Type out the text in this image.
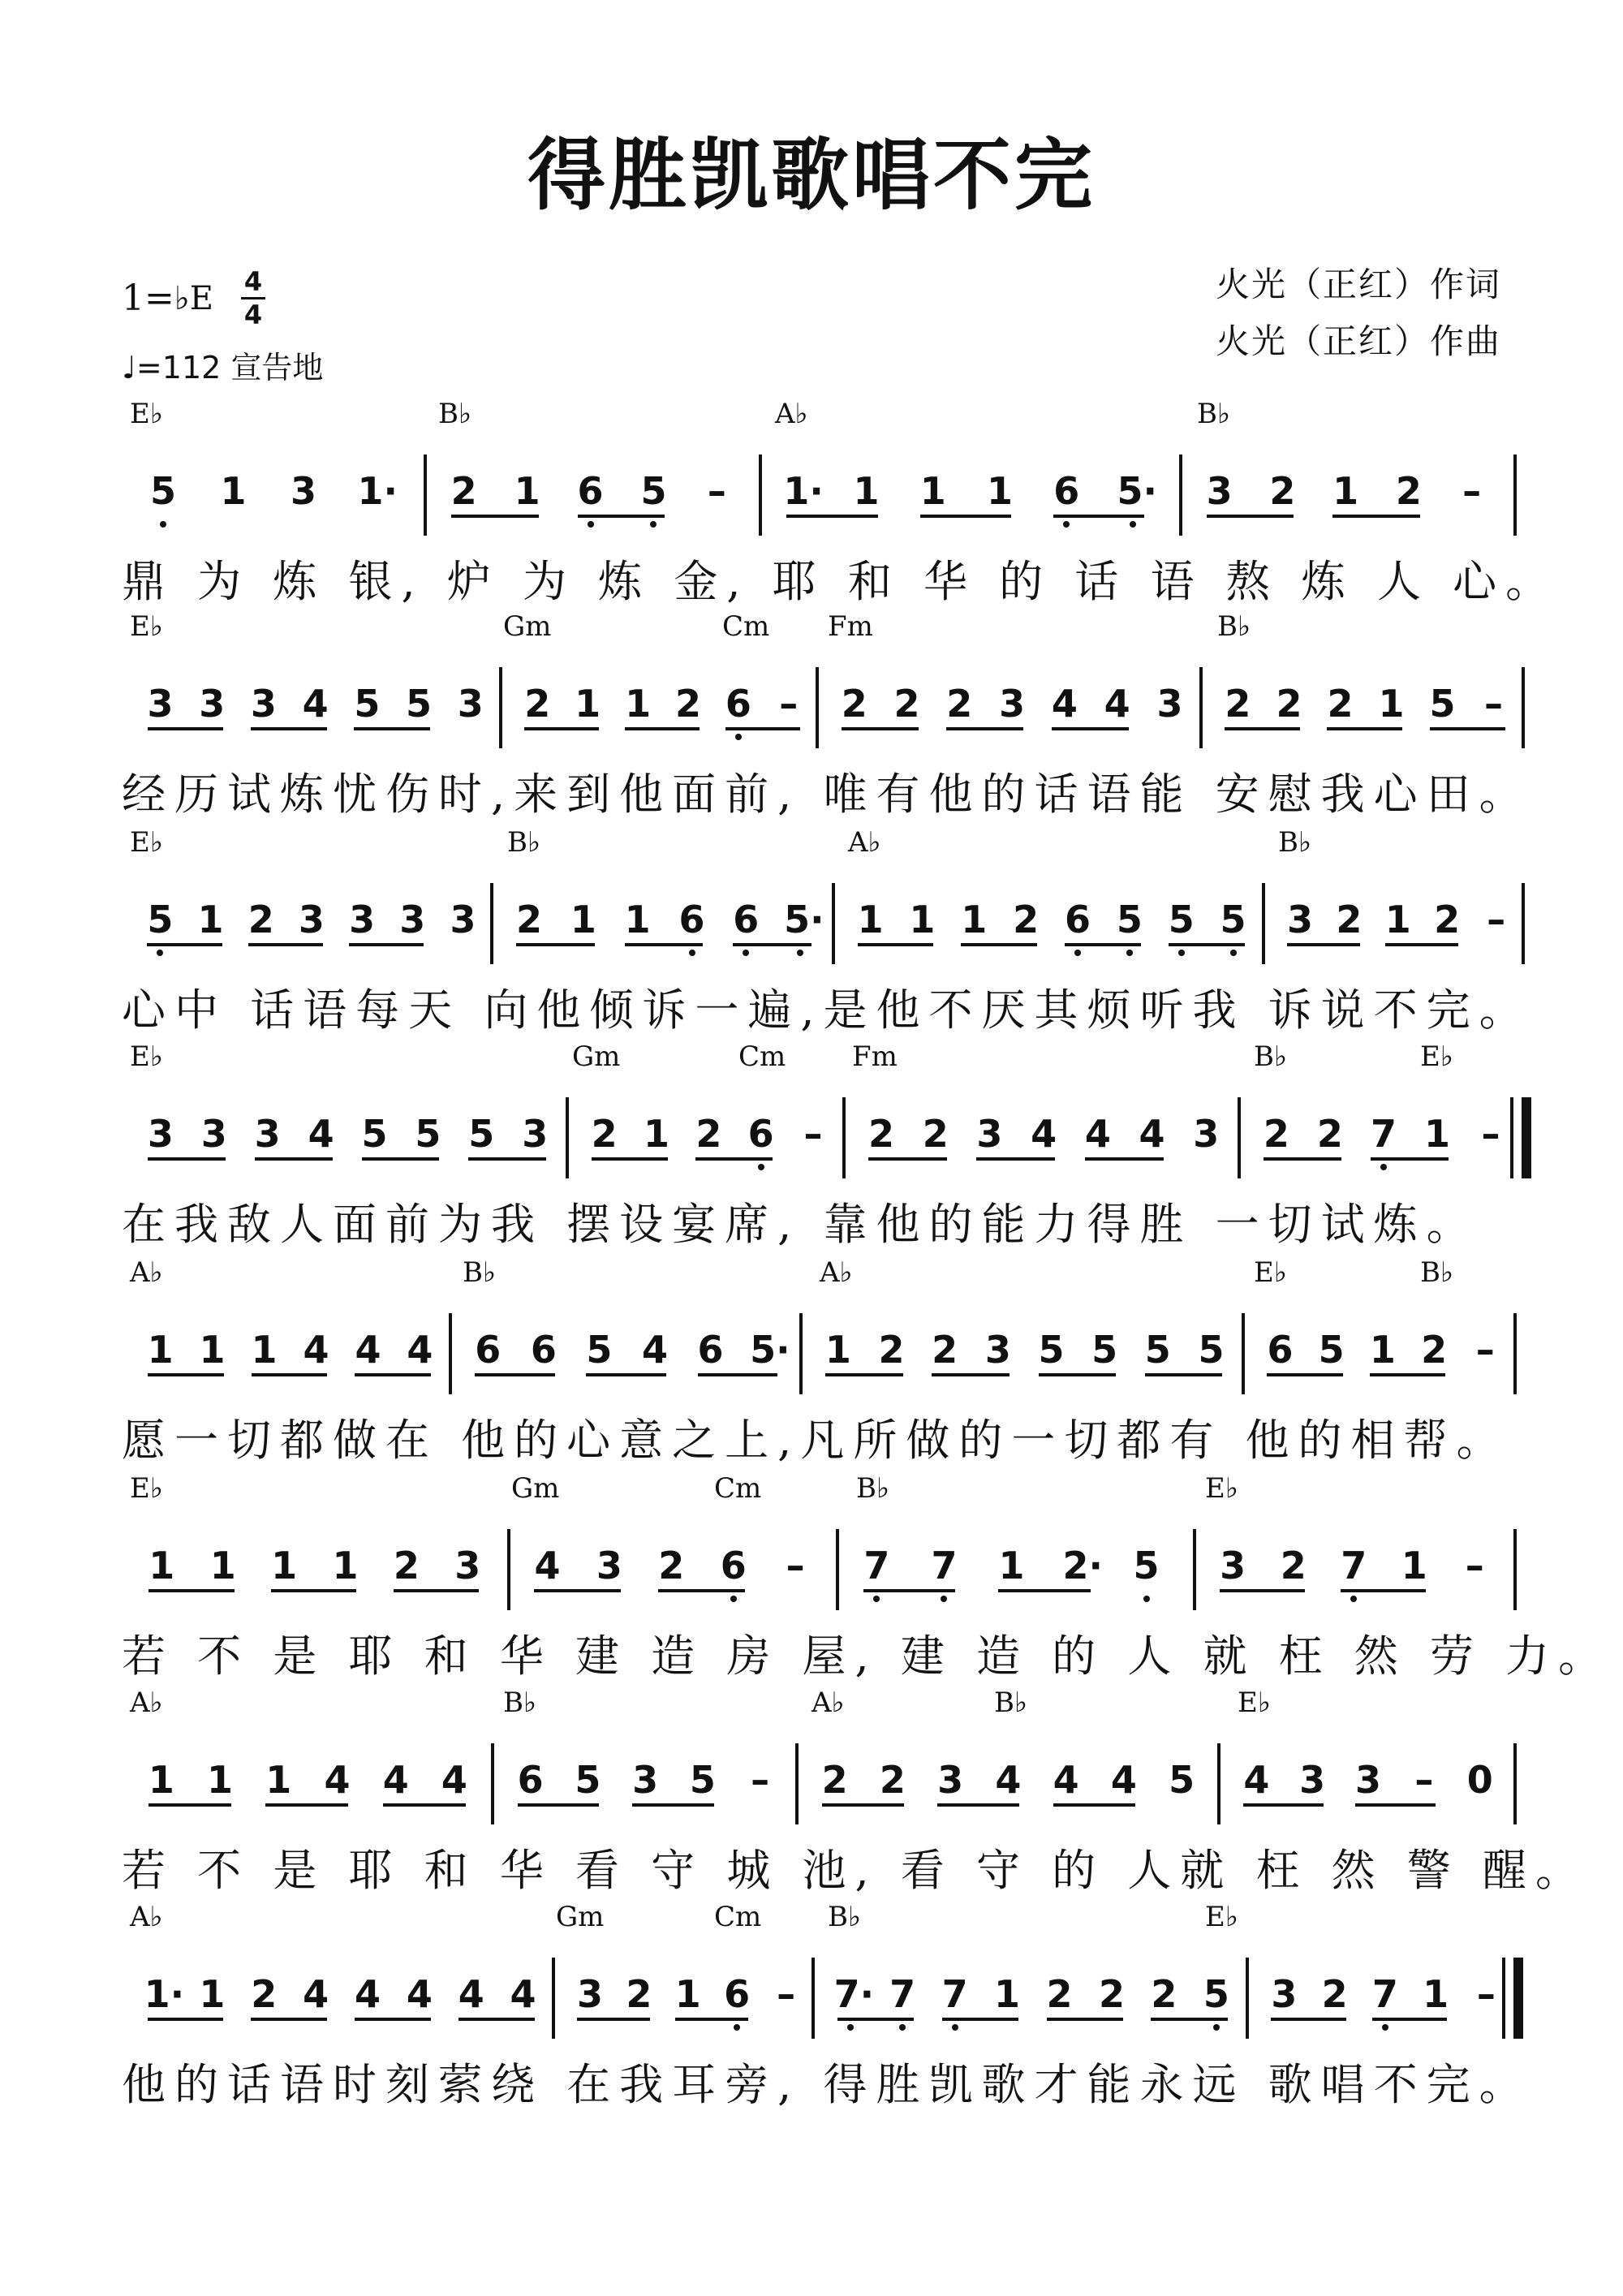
得胜凯歌唱不完
1= ♭E $\frac{4}{4}$
♩=112 宣告地
火光（正红）作词
火光（正红）作曲
E♭	B♭	A♭	B♭
5 1 3 1· 2 1 6 5 – 1· 1 1 1 6 5· 3 2 1 2 –
鼎 为 炼 银, 炉 为 炼 金, 耶 和 华 的 话 语 熬 炼 人 心。
E♭	Gm	Cm Fm	B♭
3 3 3 4 5 5 3 2 1 1 2 6 – 2 2 2 3 4 4 3 2 2 2 1 5 –
经历试炼忧伤时,来到他面前, 唯有他的话语能 安慰我心田。
E♭	B♭	A♭	B♭
5 1 2 3 3 3 3 2 1 1 6 6 5· 1 1 1 2 6 5 5 5 3 2 1 2 –
心中 话语每天 向他倾诉一遍,是他不厌其烦听我 诉说不完。
E♭	Gm	Cm Fm	B♭	E♭
3 3 3 4 5 5 5 3 2 1 2 6 – 2 2 3 4 4 4 3 2 2 7 1 –
在我敌人面前为我 摆设宴席, 靠他的能力得胜 一切试炼。
A♭	B♭	A♭	E♭	B♭
1 1 1 4 4 4 6 6 5 4 6 5· 1 2 2 3 5 5 5 5 6 5 1 2 –
愿一切都做在 他的心意之上,凡所做的一切都有 他的相帮。
E♭	Gm	Cm	B♭	E♭
1 1 1 1 2 3 4 3 2 6 – 7 7 1 2· 5 3 2 7 1 –
若 不 是 耶 和 华 建 造 房 屋, 建 造 的 人 就 枉 然 劳 力。
A♭	B♭	A♭	B♭	E♭
1 1 1 4 4 4 6 5 3 5 – 2 2 3 4 4 4 5 4 3 3 – 0
若 不 是 耶 和 华 看 守 城 池, 看 守 的 人就 枉 然 警 醒。
A♭	Gm	Cm B♭	E♭
1· 1 2 4 4 4 4 4 3 2 1 6 – 7· 7 7 1 2 2 2 5 3 2 7 1 –
他的话语时刻萦绕 在我耳旁, 得胜凯歌才能永远 歌唱不完。
